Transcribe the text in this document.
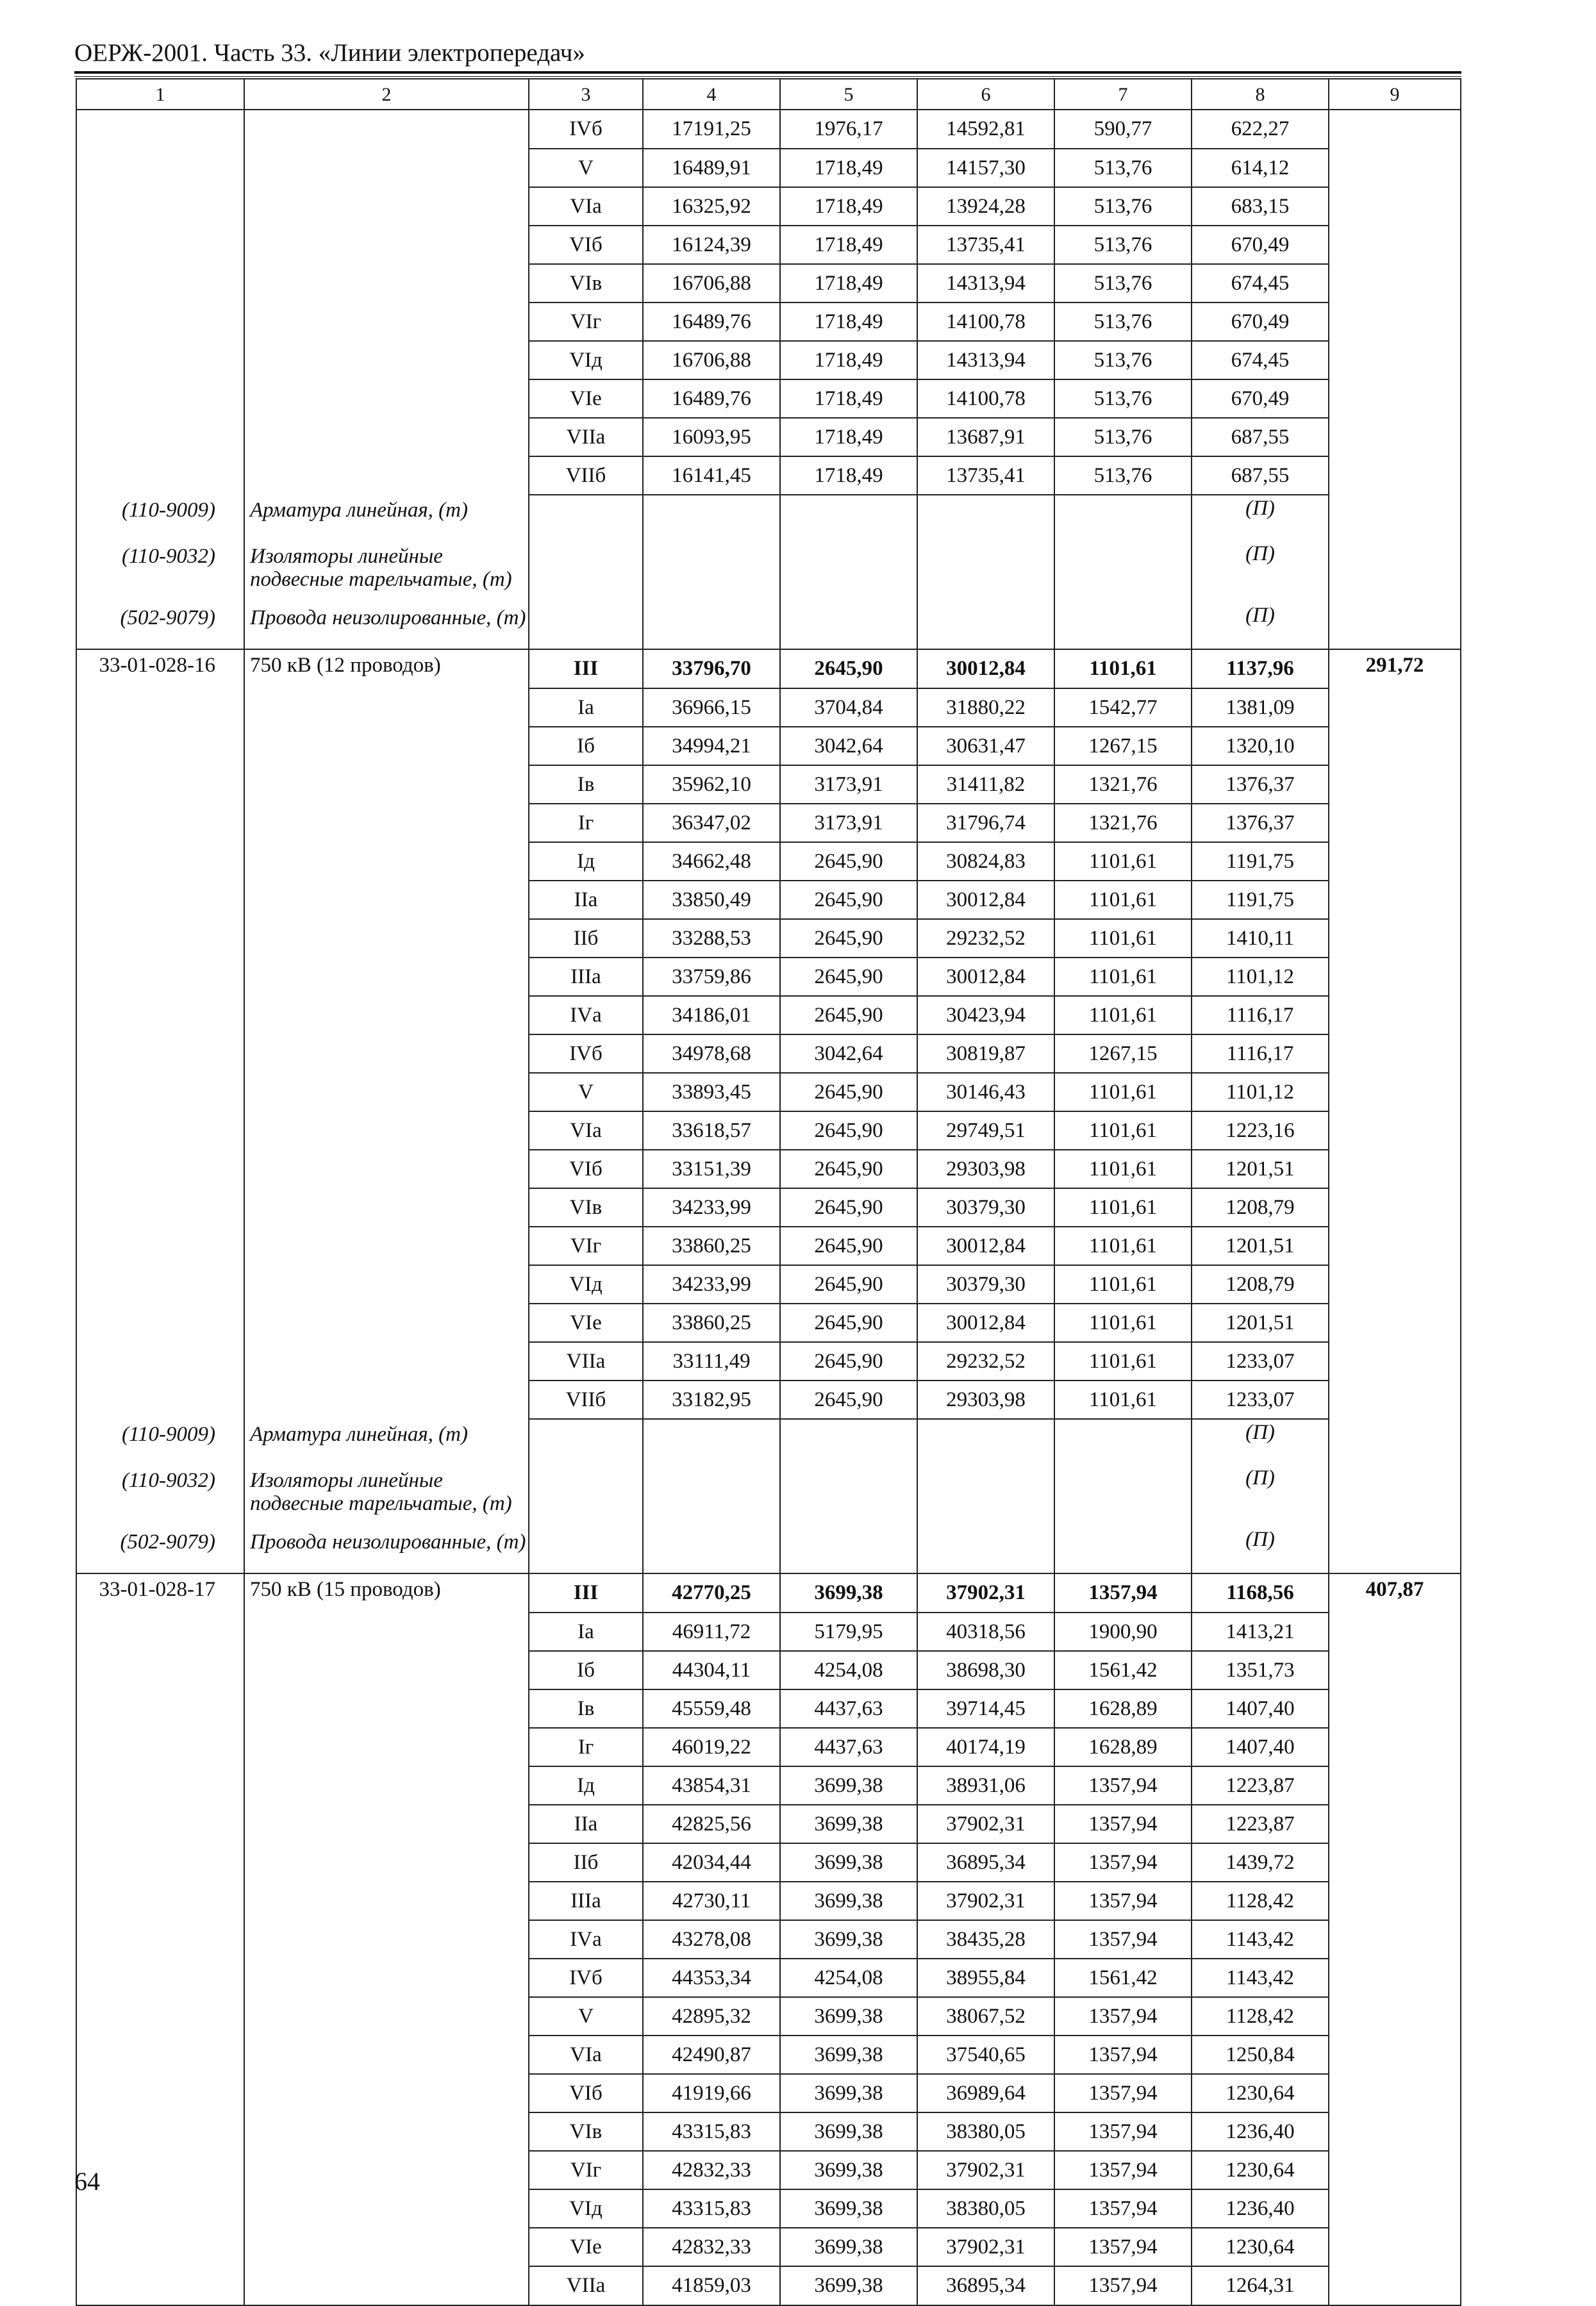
ОЕРЖ-2001. Часть 33. «Линии электропередач»
1	2	3	4	5	6	7	8	9
		IVб	17191,25	1976,17	14592,81	590,77	622,27	
		V	16489,91	1718,49	14157,30	513,76	614,12	
		VIа	16325,92	1718,49	13924,28	513,76	683,15	
		VIб	16124,39	1718,49	13735,41	513,76	670,49	
		VIв	16706,88	1718,49	14313,94	513,76	674,45	
		VIг	16489,76	1718,49	14100,78	513,76	670,49	
		VIд	16706,88	1718,49	14313,94	513,76	674,45	
		VIе	16489,76	1718,49	14100,78	513,76	670,49	
		VIIа	16093,95	1718,49	13687,91	513,76	687,55	
		VIIб	16141,45	1718,49	13735,41	513,76	687,55	
(110-9009)	Арматура линейная, (т)						(П)	
(110-9032)	Изоляторы линейные подвесные тарельчатые, (т)						(П)	
(502-9079)	Провода неизолированные, (т)						(П)	
33-01-028-16	750 кВ (12 проводов)	III	33796,70	2645,90	30012,84	1101,61	1137,96	291,72
		Iа	36966,15	3704,84	31880,22	1542,77	1381,09	
		Iб	34994,21	3042,64	30631,47	1267,15	1320,10	
		Iв	35962,10	3173,91	31411,82	1321,76	1376,37	
		Iг	36347,02	3173,91	31796,74	1321,76	1376,37	
		Iд	34662,48	2645,90	30824,83	1101,61	1191,75	
		IIа	33850,49	2645,90	30012,84	1101,61	1191,75	
		IIб	33288,53	2645,90	29232,52	1101,61	1410,11	
		IIIа	33759,86	2645,90	30012,84	1101,61	1101,12	
		IVа	34186,01	2645,90	30423,94	1101,61	1116,17	
		IVб	34978,68	3042,64	30819,87	1267,15	1116,17	
		V	33893,45	2645,90	30146,43	1101,61	1101,12	
		VIа	33618,57	2645,90	29749,51	1101,61	1223,16	
		VIб	33151,39	2645,90	29303,98	1101,61	1201,51	
		VIв	34233,99	2645,90	30379,30	1101,61	1208,79	
		VIг	33860,25	2645,90	30012,84	1101,61	1201,51	
		VIд	34233,99	2645,90	30379,30	1101,61	1208,79	
		VIе	33860,25	2645,90	30012,84	1101,61	1201,51	
		VIIа	33111,49	2645,90	29232,52	1101,61	1233,07	
		VIIб	33182,95	2645,90	29303,98	1101,61	1233,07	
(110-9009)	Арматура линейная, (т)						(П)	
(110-9032)	Изоляторы линейные подвесные тарельчатые, (т)						(П)	
(502-9079)	Провода неизолированные, (т)						(П)	
33-01-028-17	750 кВ (15 проводов)	III	42770,25	3699,38	37902,31	1357,94	1168,56	407,87
		Iа	46911,72	5179,95	40318,56	1900,90	1413,21	
		Iб	44304,11	4254,08	38698,30	1561,42	1351,73	
		Iв	45559,48	4437,63	39714,45	1628,89	1407,40	
		Iг	46019,22	4437,63	40174,19	1628,89	1407,40	
		Iд	43854,31	3699,38	38931,06	1357,94	1223,87	
		IIа	42825,56	3699,38	37902,31	1357,94	1223,87	
		IIб	42034,44	3699,38	36895,34	1357,94	1439,72	
		IIIа	42730,11	3699,38	37902,31	1357,94	1128,42	
		IVа	43278,08	3699,38	38435,28	1357,94	1143,42	
		IVб	44353,34	4254,08	38955,84	1561,42	1143,42	
		V	42895,32	3699,38	38067,52	1357,94	1128,42	
		VIа	42490,87	3699,38	37540,65	1357,94	1250,84	
		VIб	41919,66	3699,38	36989,64	1357,94	1230,64	
		VIв	43315,83	3699,38	38380,05	1357,94	1236,40	
		VIг	42832,33	3699,38	37902,31	1357,94	1230,64	
		VIд	43315,83	3699,38	38380,05	1357,94	1236,40	
		VIе	42832,33	3699,38	37902,31	1357,94	1230,64	
		VIIа	41859,03	3699,38	36895,34	1357,94	1264,31	
64
